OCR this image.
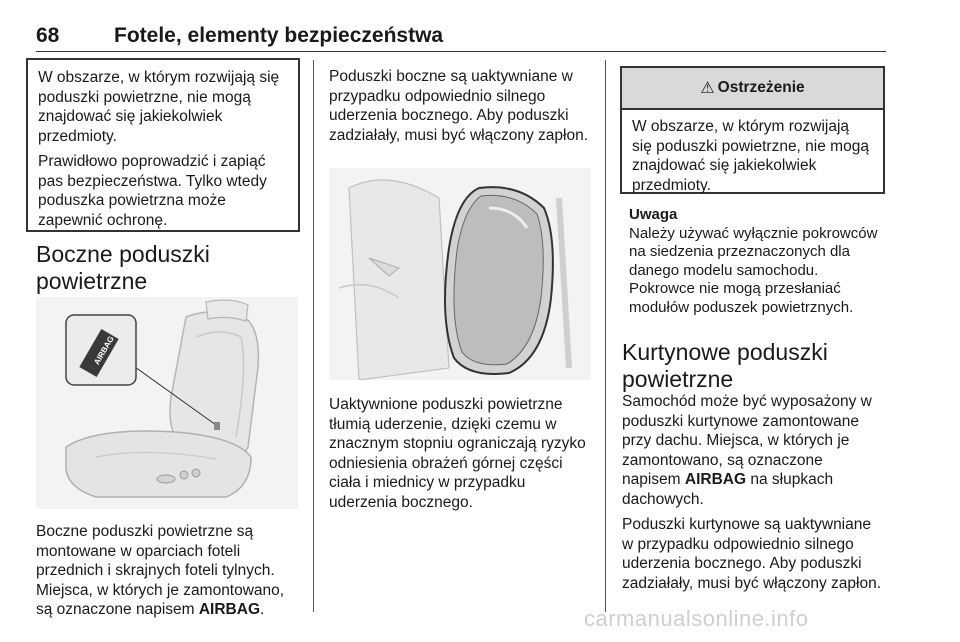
68	Fotele, elementy bezpieczeństwa

W obszarze, w którym rozwijają się poduszki powietrzne, nie mogą znajdować się jakiekolwiek przedmioty.

Prawidłowo poprowadzić i zapiąć pas bezpieczeństwa. Tylko wtedy poduszka powietrzna może zapewnić ochronę.

Boczne poduszki
powietrzne
AIRBAG

Boczne poduszki powietrzne są montowane w oparciach foteli przednich i skrajnych foteli tylnych. Miejsca, w których je zamontowano, są oznaczone napisem AIRBAG.

Poduszki boczne są uaktywniane w przypadku odpowiednio silnego uderzenia bocznego. Aby poduszki zadziałały, musi być włączony zapłon.

Uaktywnione poduszki powietrzne tłumią uderzenie, dzięki czemu w znacznym stopniu ograniczają ryzyko odniesienia obrażeń górnej części ciała i miednicy w przypadku uderzenia bocznego.

⚠ Ostrzeżenie

W obszarze, w którym rozwijają się poduszki powietrzne, nie mogą znajdować się jakiekolwiek przedmioty.

Uwaga
Należy używać wyłącznie pokrowców na siedzenia przeznaczonych dla danego modelu samochodu. Pokrowce nie mogą przesłaniać modułów poduszek powietrznych.
Kurtynowe poduszki
powietrzne

Samochód może być wyposażony w poduszki kurtynowe zamontowane przy dachu. Miejsca, w których je zamontowano, są oznaczone napisem AIRBAG na słupkach dachowych.

Poduszki kurtynowe są uaktywniane w przypadku odpowiednio silnego uderzenia bocznego. Aby poduszki zadziałały, musi być włączony zapłon.

carmanualsonline.info
